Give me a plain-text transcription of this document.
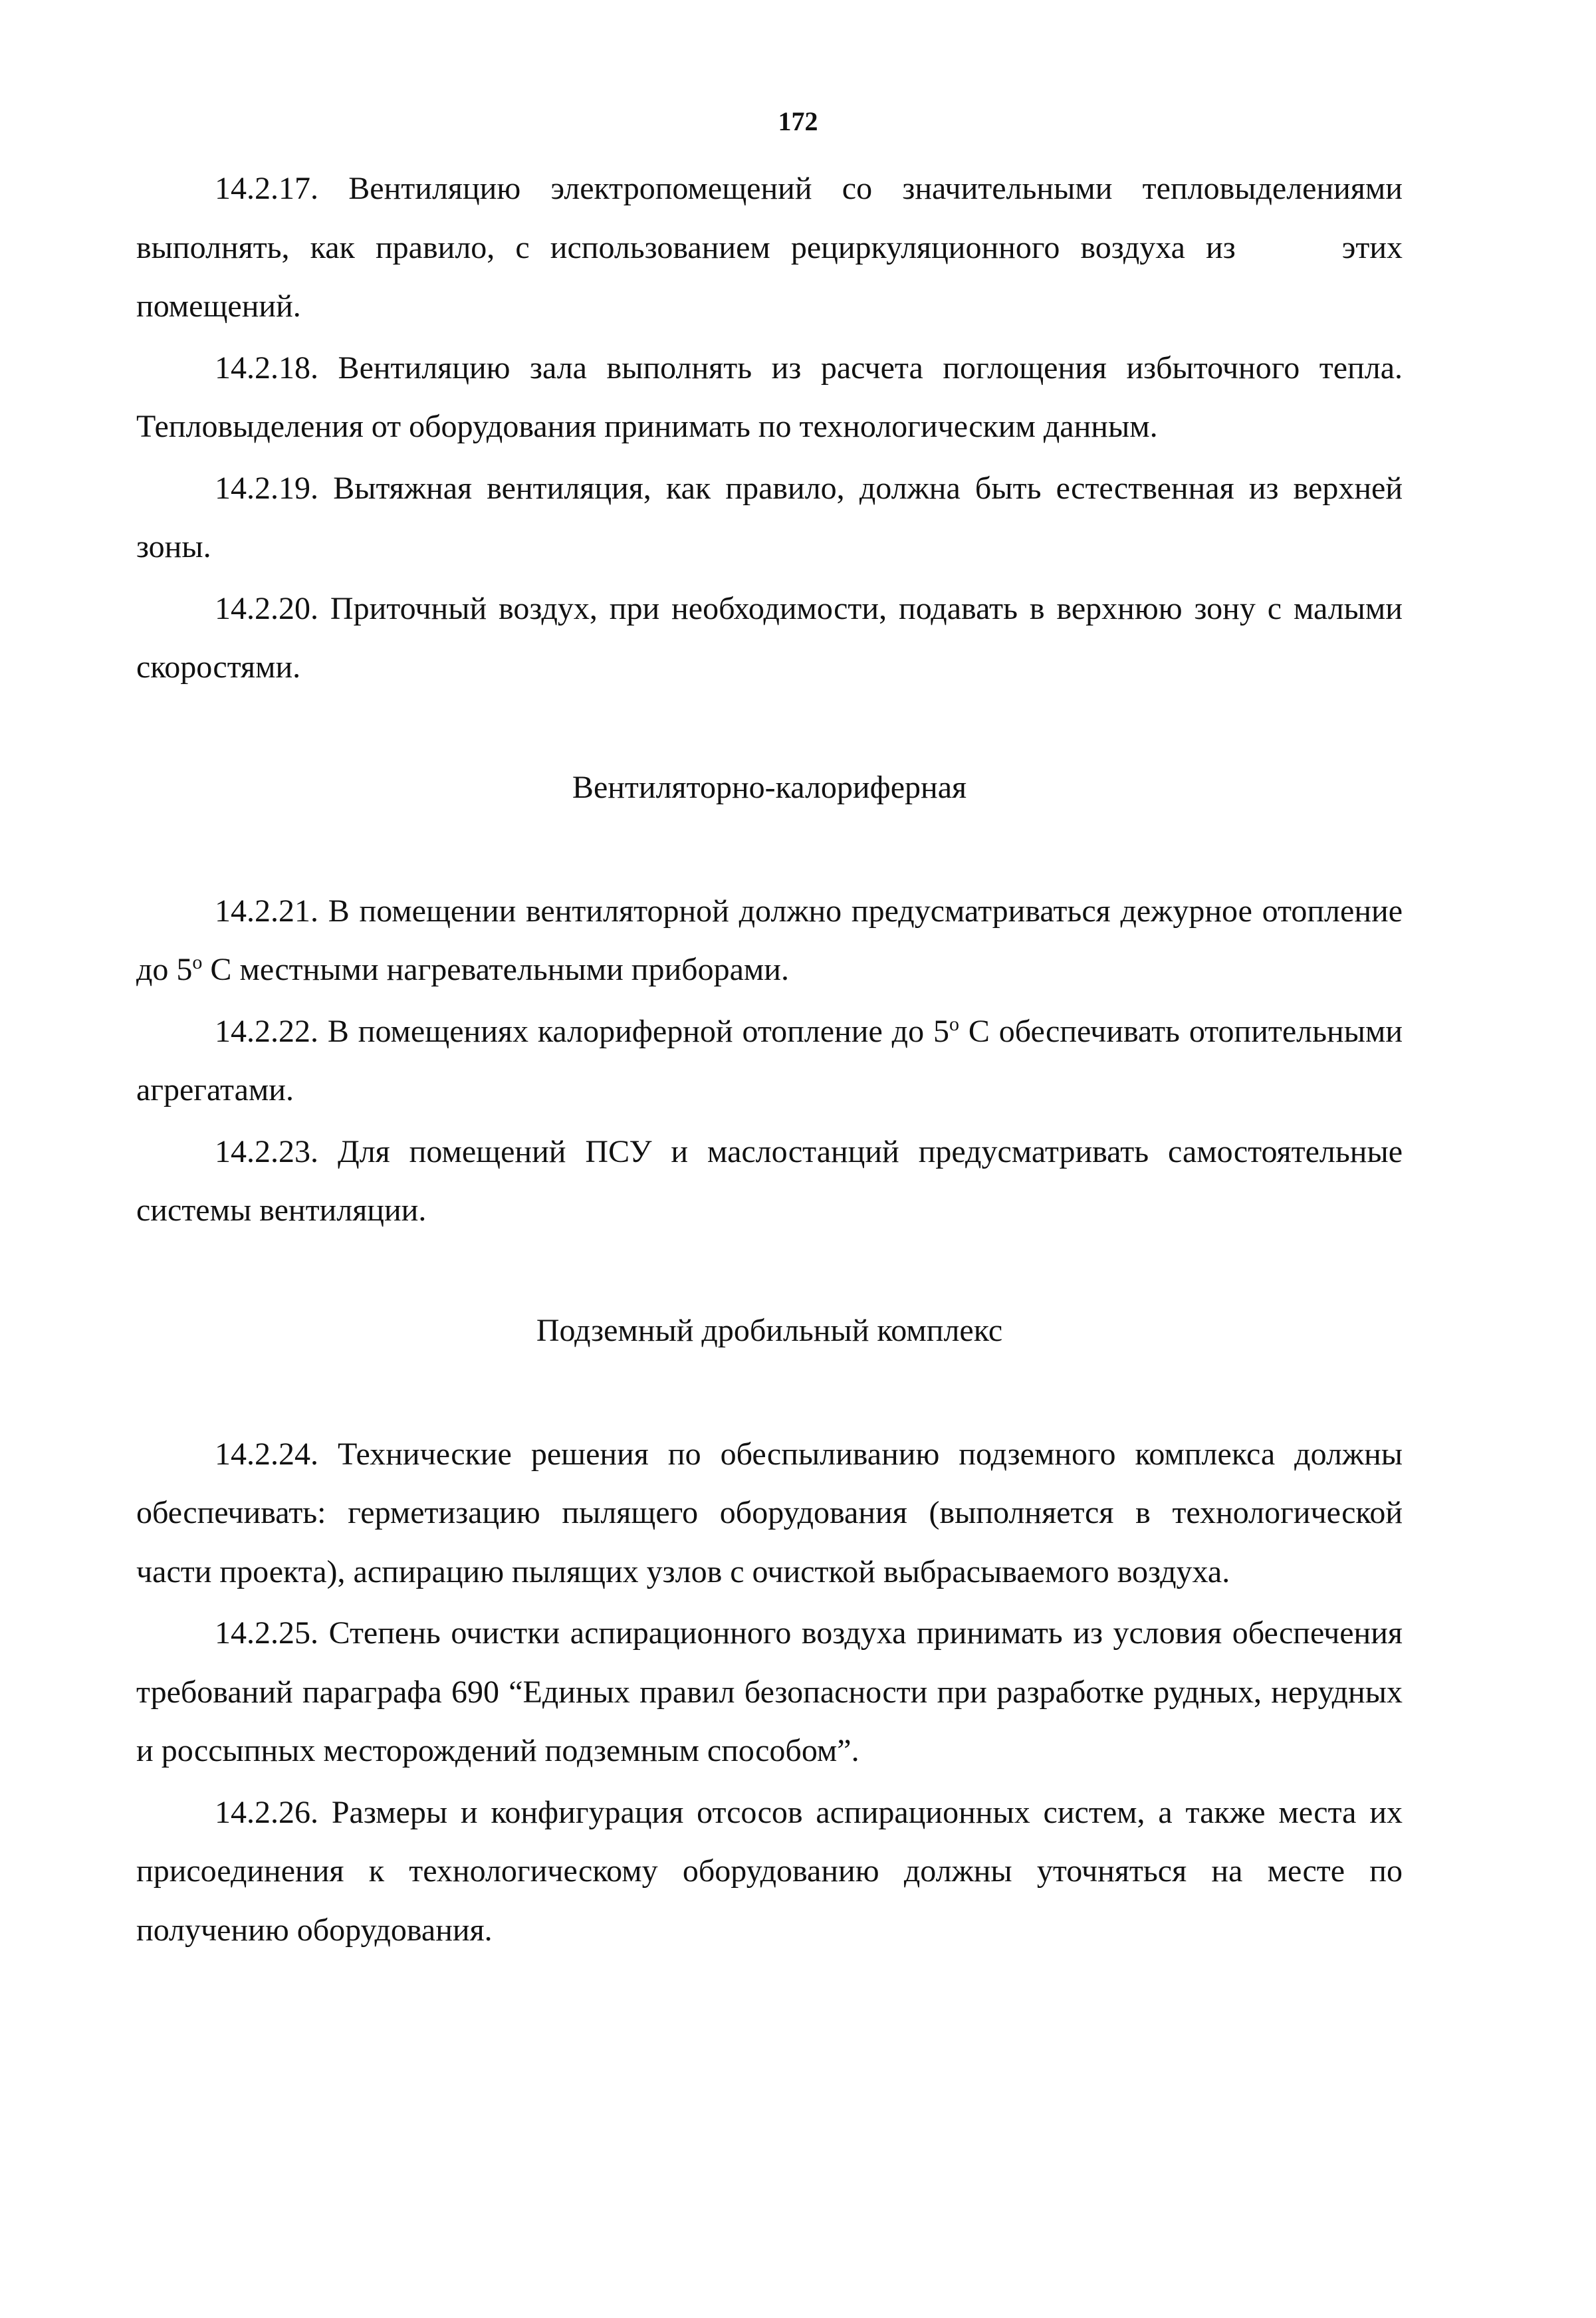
172

14.2.17. Вентиляцию электропомещений со значительными тепловыделениями выполнять, как правило, с использованием рециркуляционного воздуха из	этих помещений.

14.2.18. Вентиляцию зала выполнять из расчета поглощения избыточного тепла. Тепловыделения от оборудования принимать по технологическим данным.

14.2.19. Вытяжная вентиляция, как правило, должна быть естественная из верхней зоны.

14.2.20. Приточный воздух, при необходимости, подавать в верхнюю зону с малыми скоростями.

Вентиляторно-калориферная

14.2.21. В помещении вентиляторной должно предусматриваться дежурное отопление до 5$^o$ С местными нагревательными приборами.

14.2.22. В помещениях калориферной отопление до 5$^o$ С обеспечивать отопительными агрегатами.

14.2.23. Для помещений ПСУ и маслостанций предусматривать самостоятельные системы вентиляции.

Подземный дробильный комплекс

14.2.24. Технические решения по обеспыливанию подземного комплекса должны обеспечивать: герметизацию пылящего оборудования (выполняется в технологической части проекта), аспирацию пылящих узлов с очисткой выбрасываемого воздуха.

14.2.25. Степень очистки аспирационного воздуха принимать из условия обеспечения требований параграфа 690 “Единых правил безопасности при разработке рудных, нерудных и россыпных месторождений подземным способом”.

14.2.26. Размеры и конфигурация отсосов аспирационных систем, а также места их присоединения к технологическому оборудованию должны уточняться на месте по получению оборудования.
